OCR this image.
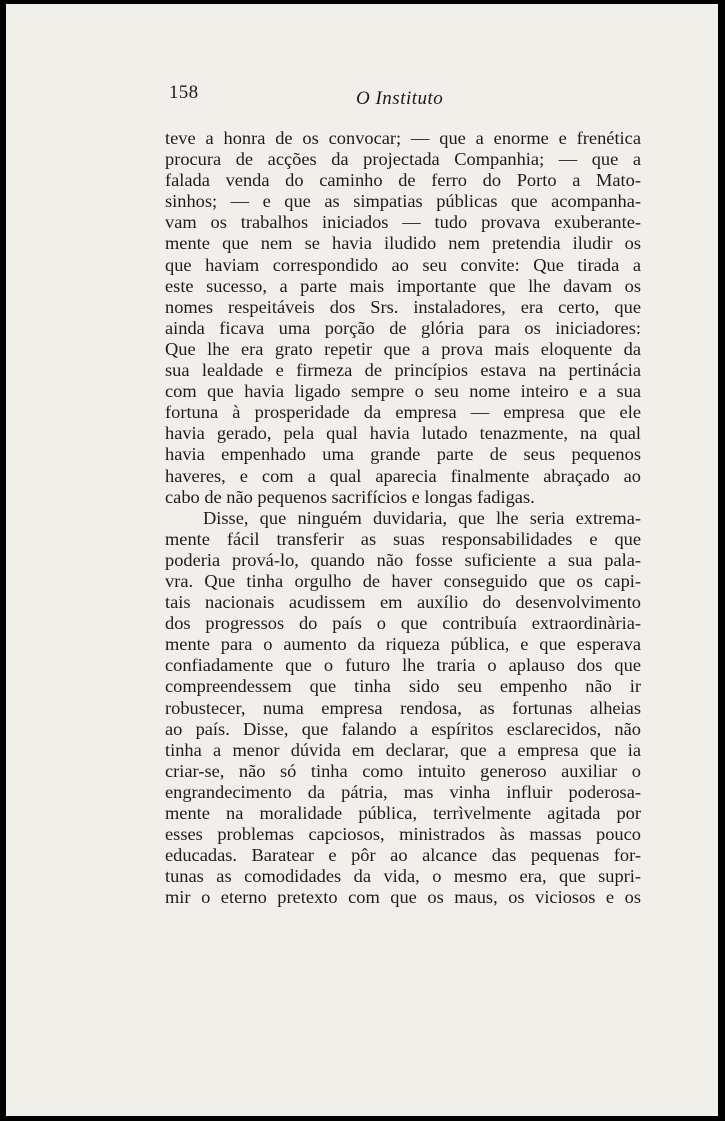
158	O Instituto
teve a honra de os convocar; — que a enorme e frenética
procura de acções da projectada Companhia; — que a
falada venda do caminho de ferro do Porto a Mato-
sinhos; — e que as simpatias públicas que acompanha-
vam os trabalhos iniciados — tudo provava exuberante-
mente que nem se havia iludido nem pretendia iludir os
que haviam correspondido ao seu convite: Que tirada a
este sucesso, a parte mais importante que lhe davam os
nomes respeitáveis dos Srs. instaladores, era certo, que
ainda ficava uma porção de glória para os iniciadores:
Que lhe era grato repetir que a prova mais eloquente da
sua lealdade e firmeza de princípios estava na pertinácia
com que havia ligado sempre o seu nome inteiro e a sua
fortuna à prosperidade da empresa — empresa que ele
havia gerado, pela qual havia lutado tenazmente, na qual
havia empenhado uma grande parte de seus pequenos
haveres, e com a qual aparecia finalmente abraçado ao
cabo de não pequenos sacrifícios e longas fadigas.
Disse, que ninguém duvidaria, que lhe seria extrema-
mente fácil transferir as suas responsabilidades e que
poderia prová-lo, quando não fosse suficiente a sua pala-
vra. Que tinha orgulho de haver conseguido que os capi-
tais nacionais acudissem em auxílio do desenvolvimento
dos progressos do país o que contribuía extraordinària-
mente para o aumento da riqueza pública, e que esperava
confiadamente que o futuro lhe traria o aplauso dos que
compreendessem que tinha sido seu empenho não ir
robustecer, numa empresa rendosa, as fortunas alheias
ao país. Disse, que falando a espíritos esclarecidos, não
tinha a menor dúvida em declarar, que a empresa que ia
criar-se, não só tinha como intuito generoso auxiliar o
engrandecimento da pátria, mas vinha influir poderosa-
mente na moralidade pública, terrìvelmente agitada por
esses problemas capciosos, ministrados às massas pouco
educadas. Baratear e pôr ao alcance das pequenas for-
tunas as comodidades da vida, o mesmo era, que supri-
mir o eterno pretexto com que os maus, os viciosos e os
